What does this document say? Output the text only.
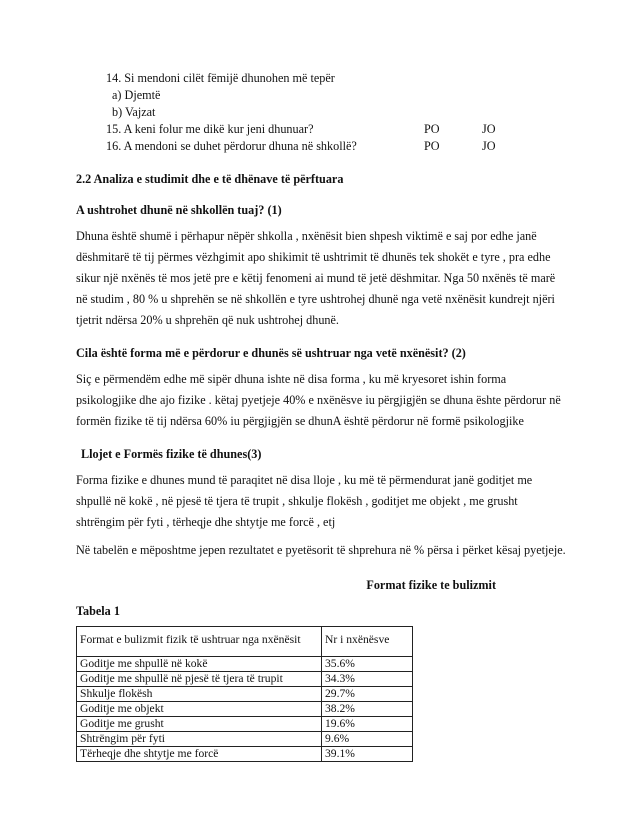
14. Si mendoni cilët fëmijë dhunohen më tepër

a) Djemtë

b) Vajzat

15. A keni folur me dikë kur jeni dhunuar?	PO	JO
16. A mendoni se duhet përdorur dhuna në shkollë?	PO	JO
2.2 Analiza e studimit dhe e të dhënave të përftuara
A ushtrohet dhunë në shkollën tuaj? (1)

Dhuna është shumë i përhapur nëpër shkolla , nxënësit bien shpesh viktimë e saj por edhe janë dëshmitarë të tij përmes vëzhgimit apo shikimit të ushtrimit të dhunës tek shokët e tyre , pra edhe sikur një nxënës të mos jetë pre e këtij fenomeni ai mund të jetë dëshmitar. Nga 50 nxënës të marë në studim , 80 % u shprehën se në shkollën e tyre ushtrohej dhunë nga vetë nxënësit kundrejt njëri tjetrit ndërsa 20% u shprehën që nuk ushtrohej dhunë.

Cila është forma më e përdorur e dhunës së ushtruar nga vetë nxënësit? (2)

Siç e përmendëm edhe më sipër dhuna ishte në disa forma , ku më kryesoret ishin forma psikologjike dhe ajo fizike . këtaj pyetjeje 40% e nxënësve iu përgjigjën se dhuna ështe përdorur në formën fizike të tij ndërsa 60% iu përgjigjën se dhunA është përdorur në formë psikologjike

Llojet e Formës fizike të dhunes(3)

Forma fizike e dhunes mund të paraqitet në disa lloje , ku më të përmendurat janë goditjet me shpullë në kokë , në pjesë të tjera të trupit , shkulje flokësh , goditjet me objekt , me grusht shtrëngim për fyti , tërheqje dhe shtytje me forcë , etj

Në tabelën e mëposhtme jepen rezultatet e pyetësorit të shprehura në % përsa i përket kësaj pyetjeje.

Format fizike te bulizmit

Tabela 1

Format e bulizmit fizik të ushtruar nga nxënësit	Nr i nxënësve
Goditje me shpullë në kokë	35.6%
Goditje me shpullë në pjesë të tjera të trupit	34.3%
Shkulje flokësh	29.7%
Goditje me objekt	38.2%
Goditje me grusht	19.6%
Shtrëngim për fyti	9.6%
Tërheqje dhe shtytje me forcë	39.1%
